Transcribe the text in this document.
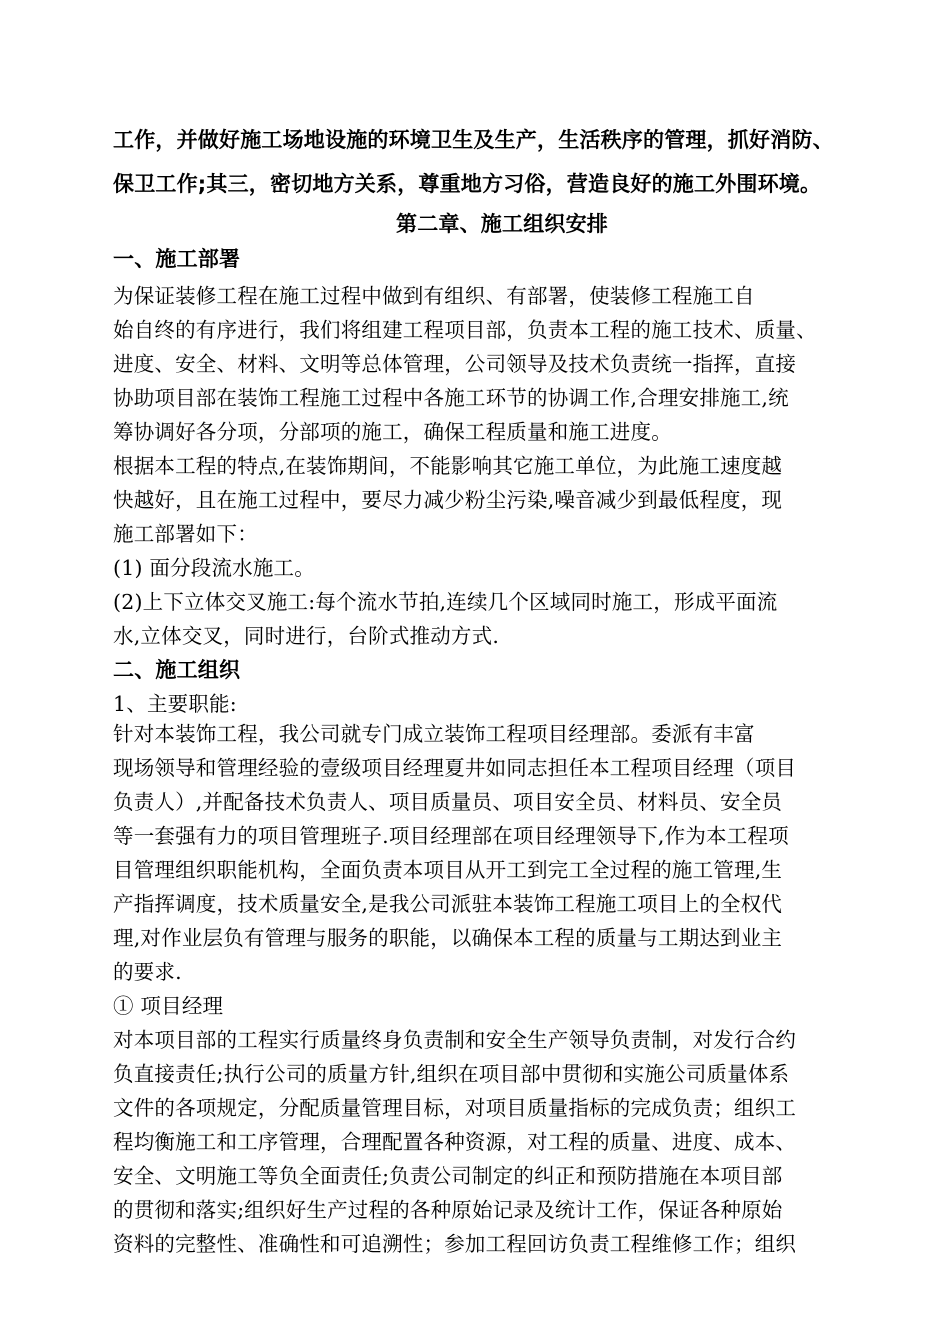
工作，并做好施工场地设施的环境卫生及生产，生活秩序的管理，抓好消防、
保卫工作;其三，密切地方关系，尊重地方习俗，营造良好的施工外围环境。
第二章、施工组织安排
一、施工部署
为保证装修工程在施工过程中做到有组织、有部署，使装修工程施工自
始自终的有序进行，我们将组建工程项目部，负责本工程的施工技术、质量、
进度、安全、材料、文明等总体管理，公司领导及技术负责统一指挥，直接
协助项目部在装饰工程施工过程中各施工环节的协调工作,合理安排施工,统
筹协调好各分项，分部项的施工，确保工程质量和施工进度。
根据本工程的特点,在装饰期间，不能影响其它施工单位，为此施工速度越
快越好，且在施工过程中，要尽力减少粉尘污染,噪音减少到最低程度，现
施工部署如下：
(1) 面分段流水施工。
(2)上下立体交叉施工:每个流水节拍,连续几个区域同时施工，形成平面流
水,立体交叉，同时进行，台阶式推动方式.
二、施工组织
1、主要职能:
针对本装饰工程，我公司就专门成立装饰工程项目经理部。委派有丰富
现场领导和管理经验的壹级项目经理夏井如同志担任本工程项目经理（项目
负责人）,并配备技术负责人、项目质量员、项目安全员、材料员、安全员
等一套强有力的项目管理班子.项目经理部在项目经理领导下,作为本工程项
目管理组织职能机构，全面负责本项目从开工到完工全过程的施工管理,生
产指挥调度，技术质量安全,是我公司派驻本装饰工程施工项目上的全权代
理,对作业层负有管理与服务的职能，以确保本工程的质量与工期达到业主
的要求.
① 项目经理
对本项目部的工程实行质量终身负责制和安全生产领导负责制，对发行合约
负直接责任;执行公司的质量方针,组织在项目部中贯彻和实施公司质量体系
文件的各项规定，分配质量管理目标，对项目质量指标的完成负责；组织工
程均衡施工和工序管理，合理配置各种资源，对工程的质量、进度、成本、
安全、文明施工等负全面责任;负责公司制定的纠正和预防措施在本项目部
的贯彻和落实;组织好生产过程的各种原始记录及统计工作，保证各种原始
资料的完整性、准确性和可追溯性；参加工程回访负责工程维修工作；组织
